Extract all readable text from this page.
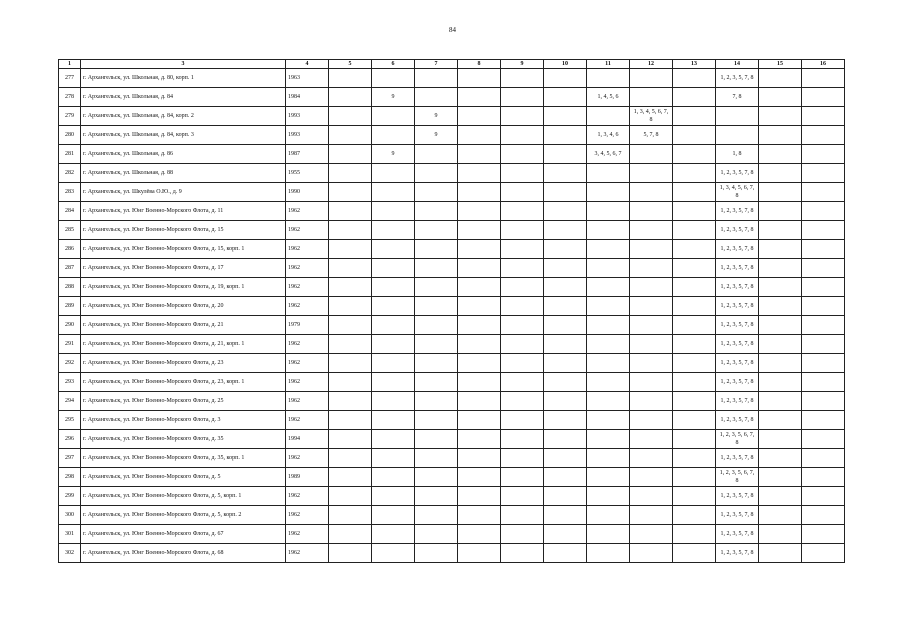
84
1	3	4	5	6	7	8	9	10	11	12	13	14	15	16
277	г. Архангельск, ул. Школьная, д. 80, корп. 1	1963										1, 2, 3, 5, 7, 8		
278	г. Архангельск, ул. Школьная, д. 84	1984		9					1, 4, 5, 6			7, 8		
279	г. Архангельск, ул. Школьная, д. 84, корп. 2	1993			9					1, 3, 4, 5, 6, 7, 8				
280	г. Архангельск, ул. Школьная, д. 84, корп. 3	1993			9				1, 3, 4, 6	5, 7, 8				
281	г. Архангельск, ул. Школьная, д. 86	1987		9					3, 4, 5, 6, 7			1, 8		
282	г. Архангельск, ул. Школьная, д. 88	1955										1, 2, 3, 5, 7, 8		
283	г. Архангельск, ул. Шкулёва О.Ю., д. 9	1990										1, 3, 4, 5, 6, 7, 8		
284	г. Архангельск, ул. Юнг Военно-Морского Флота, д. 11	1962										1, 2, 3, 5, 7, 8		
285	г. Архангельск, ул. Юнг Военно-Морского Флота, д. 15	1962										1, 2, 3, 5, 7, 8		
286	г. Архангельск, ул. Юнг Военно-Морского Флота, д. 15, корп. 1	1962										1, 2, 3, 5, 7, 8		
287	г. Архангельск, ул. Юнг Военно-Морского Флота, д. 17	1962										1, 2, 3, 5, 7, 8		
288	г. Архангельск, ул. Юнг Военно-Морского Флота, д. 19, корп. 1	1962										1, 2, 3, 5, 7, 8		
289	г. Архангельск, ул. Юнг Военно-Морского Флота, д. 20	1962										1, 2, 3, 5, 7, 8		
290	г. Архангельск, ул. Юнг Военно-Морского Флота, д. 21	1979										1, 2, 3, 5, 7, 8		
291	г. Архангельск, ул. Юнг Военно-Морского Флота, д. 21, корп. 1	1962										1, 2, 3, 5, 7, 8		
292	г. Архангельск, ул. Юнг Военно-Морского Флота, д. 23	1962										1, 2, 3, 5, 7, 8		
293	г. Архангельск, ул. Юнг Военно-Морского Флота, д. 23, корп. 1	1962										1, 2, 3, 5, 7, 8		
294	г. Архангельск, ул. Юнг Военно-Морского Флота, д. 25	1962										1, 2, 3, 5, 7, 8		
295	г. Архангельск, ул. Юнг Военно-Морского Флота, д. 3	1962										1, 2, 3, 5, 7, 8		
296	г. Архангельск, ул. Юнг Военно-Морского Флота, д. 35	1994										1, 2, 3, 5, 6, 7, 8		
297	г. Архангельск, ул. Юнг Военно-Морского Флота, д. 35, корп. 1	1962										1, 2, 3, 5, 7, 8		
298	г. Архангельск, ул. Юнг Военно-Морского Флота, д. 5	1989										1, 2, 3, 5, 6, 7, 8		
299	г. Архангельск, ул. Юнг Военно-Морского Флота, д. 5, корп. 1	1962										1, 2, 3, 5, 7, 8		
300	г. Архангельск, ул. Юнг Военно-Морского Флота, д. 5, корп. 2	1962										1, 2, 3, 5, 7, 8		
301	г. Архангельск, ул. Юнг Военно-Морского Флота, д. 67	1962										1, 2, 3, 5, 7, 8		
302	г. Архангельск, ул. Юнг Военно-Морского Флота, д. 68	1962										1, 2, 3, 5, 7, 8		
